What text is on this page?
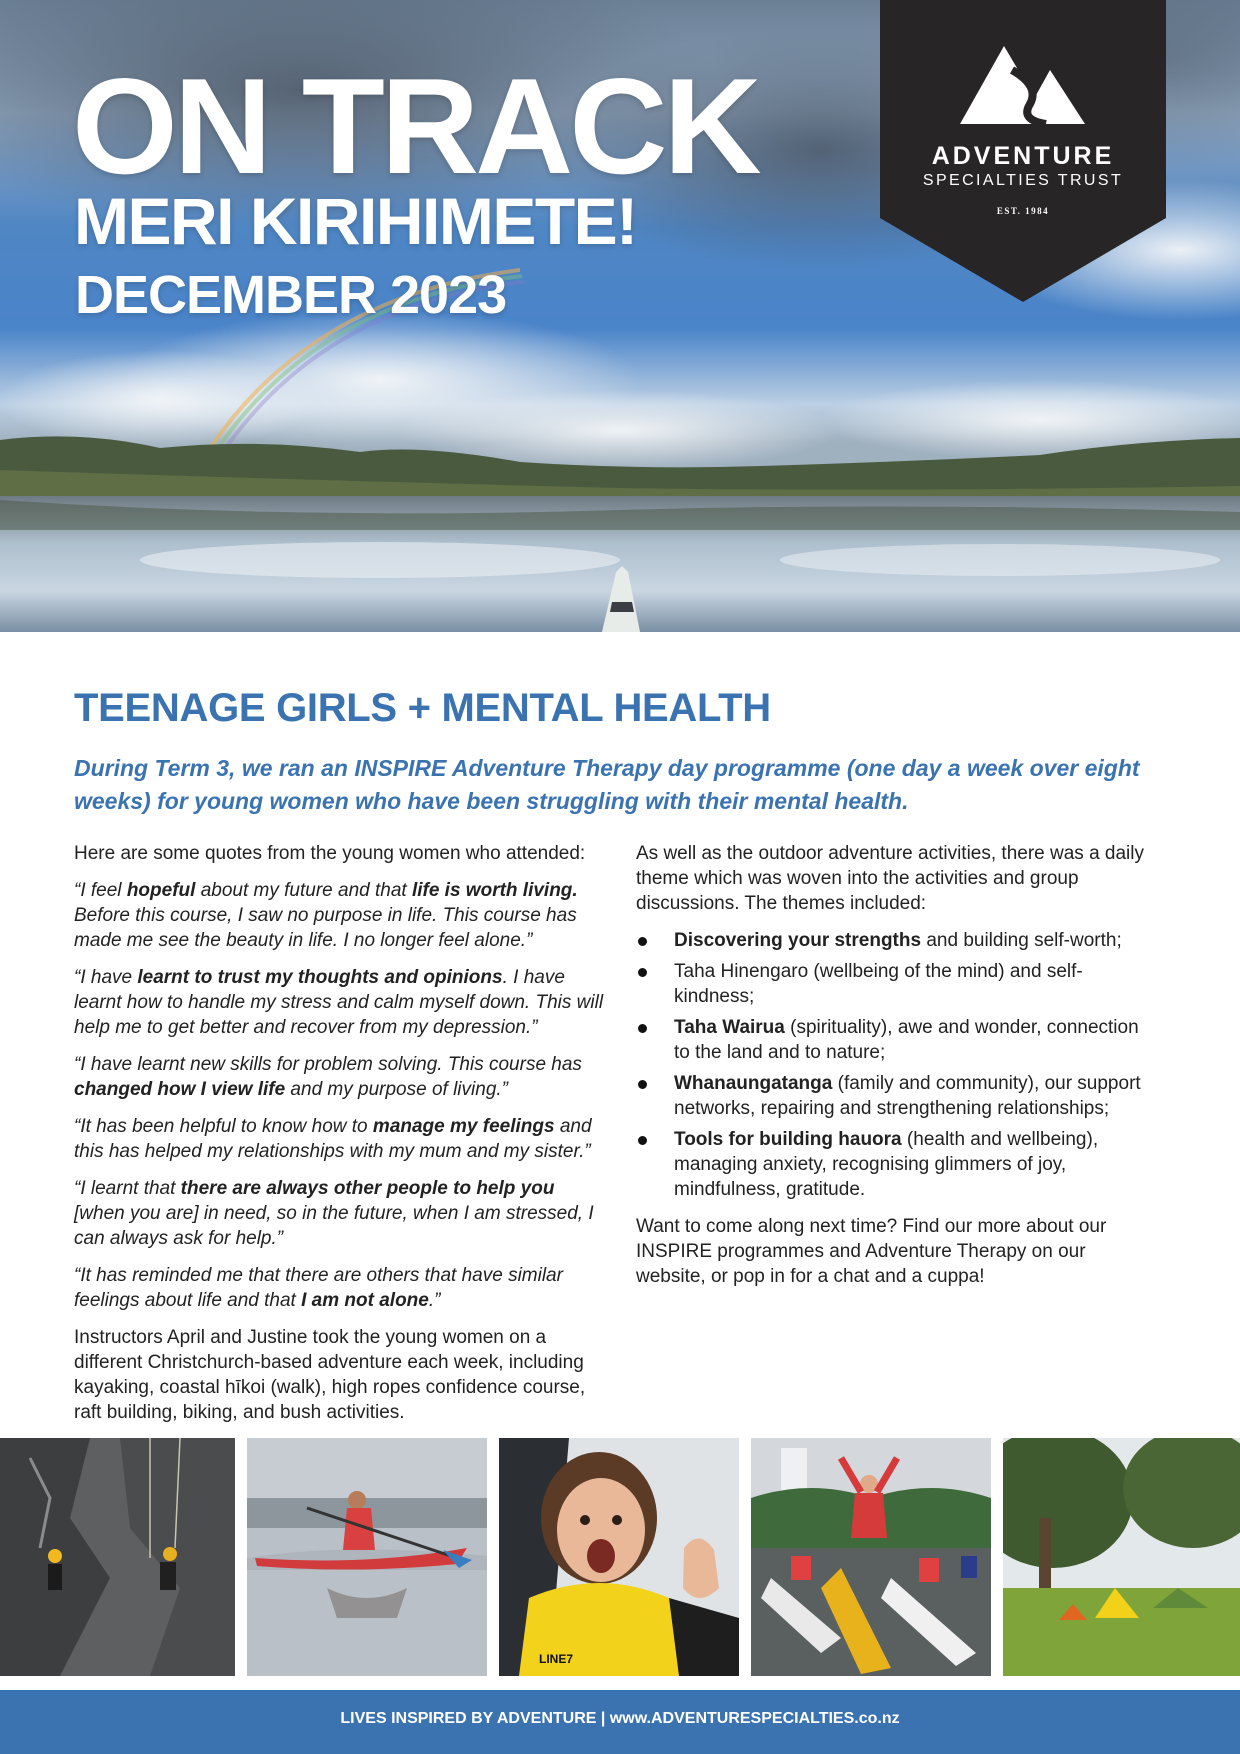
ON TRACK
MERI KIRIHIMETE!
DECEMBER 2023

ADVENTURE

SPECIALTIES TRUST

EST. 1984

TEENAGE GIRLS + MENTAL HEALTH

During Term 3, we ran an INSPIRE Adventure Therapy day programme (one day a week over eight weeks) for young women who have been struggling with their mental health.

Here are some quotes from the young women who attended:

“I feel hopeful about my future and that life is worth living. Before this course, I saw no purpose in life. This course has made me see the beauty in life. I no longer feel alone.”

“I have learnt to trust my thoughts and opinions. I have learnt how to handle my stress and calm myself down. This will help me to get better and recover from my depression.”

“I have learnt new skills for problem solving. This course has changed how I view life and my purpose of living.”

“It has been helpful to know how to manage my feelings and this has helped my relationships with my mum and my sister.”

“I learnt that there are always other people to help you [when you are] in need, so in the future, when I am stressed, I can always ask for help.”

“It has reminded me that there are others that have similar feelings about life and that I am not alone.”

Instructors April and Justine took the young women on a different Christchurch-based adventure each week, including kayaking, coastal hīkoi (walk), high ropes confidence course, raft building, biking, and bush activities.

As well as the outdoor adventure activities, there was a daily theme which was woven into the activities and group discussions. The themes included:

Discovering your strengths and building self-worth;
Taha Hinengaro (wellbeing of the mind) and self-kindness;
Taha Wairua (spirituality), awe and wonder, connection to the land and to nature;
Whanaungatanga (family and community), our support networks, repairing and strengthening relationships;
Tools for building hauora (health and wellbeing), managing anxiety, recognising glimmers of joy, mindfulness, gratitude.

Want to come along next time? Find our more about our INSPIRE programmes and Adventure Therapy on our website, or pop in for a chat and a cuppa!

LINE7

LIVES INSPIRED BY ADVENTURE | www.ADVENTURESPECIALTIES.co.nz
